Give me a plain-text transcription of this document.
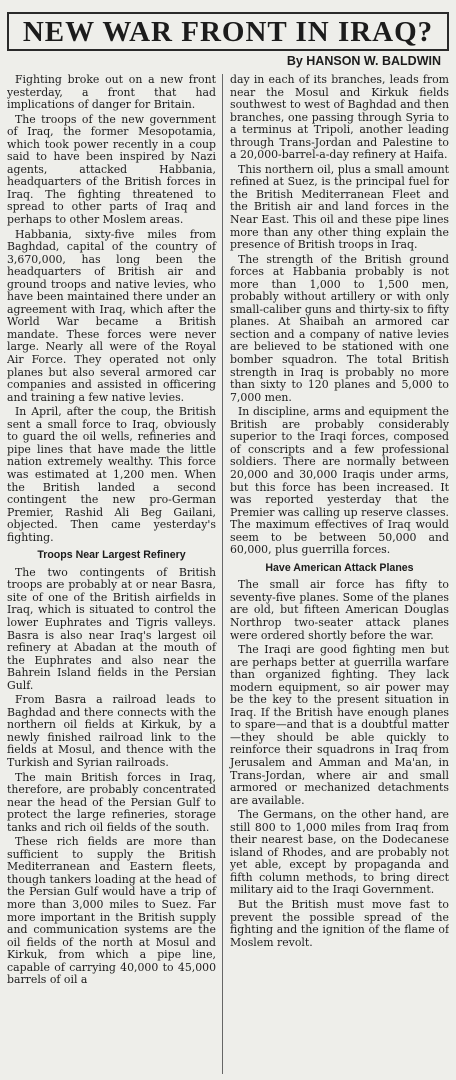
NEW WAR FRONT IN IRAQ?
By HANSON W. BALDWIN

Fighting broke out on a new front yesterday, a front that had implications of danger for Britain.

The troops of the new government of Iraq, the former Mesopotamia, which took power recently in a coup said to have been inspired by Nazi agents, attacked Habbania, headquarters of the British forces in Iraq. The fighting threatened to spread to other parts of Iraq and perhaps to other Moslem areas.

Habbania, sixty-five miles from Baghdad, capital of the country of 3,670,000, has long been the headquarters of British air and ground troops and native levies, who have been maintained there under an agreement with Iraq, which after the World War became a British mandate. These forces were never large. Nearly all were of the Royal Air Force. They operated not only planes but also several armored car companies and assisted in officering and training a few native levies.

In April, after the coup, the British sent a small force to Iraq, obviously to guard the oil wells, refineries and pipe lines that have made the little nation extremely wealthy. This force was estimated at 1,200 men. When the British landed a second contingent the new pro-German Premier, Rashid Ali Beg Gailani, objected. Then came yesterday's fighting.

Troops Near Largest Refinery

The two contingents of British troops are probably at or near Basra, site of one of the British airfields in Iraq, which is situated to control the lower Euphrates and Tigris valleys. Basra is also near Iraq's largest oil refinery at Abadan at the mouth of the Euphrates and also near the Bahrein Island fields in the Persian Gulf.

From Basra a railroad leads to Baghdad and there connects with the northern oil fields at Kirkuk, by a newly finished railroad link to the fields at Mosul, and thence with the Turkish and Syrian railroads.

The main British forces in Iraq, therefore, are probably concentrated near the head of the Persian Gulf to protect the large refineries, storage tanks and rich oil fields of the south.

These rich fields are more than sufficient to supply the British Mediterranean and Eastern fleets, though tankers loading at the head of the Persian Gulf would have a trip of more than 3,000 miles to Suez. Far more important in the British supply and communication systems are the oil fields of the north at Mosul and Kirkuk, from which a pipe line, capable of carrying 40,000 to 45,000 barrels of oil a

day in each of its branches, leads from near the Mosul and Kirkuk fields southwest to west of Baghdad and then branches, one passing through Syria to a terminus at Tripoli, another leading through Trans-Jordan and Palestine to a 20,000-barrel-a-day refinery at Haifa.

This northern oil, plus a small amount refined at Suez, is the principal fuel for the British Mediterranean Fleet and the British air and land forces in the Near East. This oil and these pipe lines more than any other thing explain the presence of British troops in Iraq.

The strength of the British ground forces at Habbania probably is not more than 1,000 to 1,500 men, probably without artillery or with only small-caliber guns and thirty-six to fifty planes. At Shaibah an armored car section and a company of native levies are believed to be stationed with one bomber squadron. The total British strength in Iraq is probably no more than sixty to 120 planes and 5,000 to 7,000 men.

In discipline, arms and equipment the British are probably considerably superior to the Iraqi forces, composed of conscripts and a few professional soldiers. There are normally between 20,000 and 30,000 Iraqis under arms, but this force has been increased. It was reported yesterday that the Premier was calling up reserve classes. The maximum effectives of Iraq would seem to be between 50,000 and 60,000, plus guerrilla forces.

Have American Attack Planes

The small air force has fifty to seventy-five planes. Some of the planes are old, but fifteen American Douglas Northrop two-seater attack planes were ordered shortly before the war.

The Iraqi are good fighting men but are perhaps better at guerrilla warfare than organized fighting. They lack modern equipment, so air power may be the key to the present situation in Iraq. If the British have enough planes to spare—and that is a doubtful matter—they should be able quickly to reinforce their squadrons in Iraq from Jerusalem and Amman and Ma'an, in Trans-Jordan, where air and small armored or mechanized detachments are available.

The Germans, on the other hand, are still 800 to 1,000 miles from Iraq from their nearest base, on the Dodecanese island of Rhodes, and are probably not yet able, except by propaganda and fifth column methods, to bring direct military aid to the Iraqi Government.

But the British must move fast to prevent the possible spread of the fighting and the ignition of the flame of Moslem revolt.
